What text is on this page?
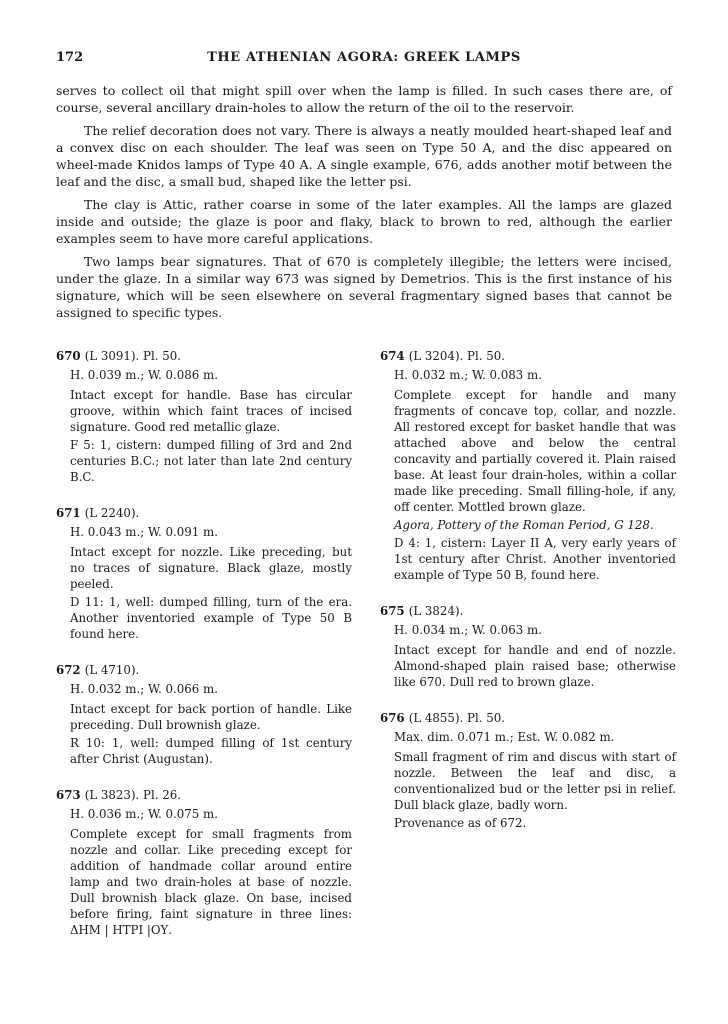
172	THE ATHENIAN AGORA: GREEK LAMPS

serves to collect oil that might spill over when the lamp is filled. In such cases there are, of course, several ancillary drain-holes to allow the return of the oil to the reservoir.

The relief decoration does not vary. There is always a neatly moulded heart-shaped leaf and a convex disc on each shoulder. The leaf was seen on Type 50 A, and the disc appeared on wheel-made Knidos lamps of Type 40 A. A single example, 676, adds another motif between the leaf and the disc, a small bud, shaped like the letter psi.

The clay is Attic, rather coarse in some of the later examples. All the lamps are glazed inside and outside; the glaze is poor and flaky, black to brown to red, although the earlier examples seem to have more careful applications.

Two lamps bear signatures. That of 670 is completely illegible; the letters were incised, under the glaze. In a similar way 673 was signed by Demetrios. This is the first instance of his signature, which will be seen elsewhere on several fragmentary signed bases that cannot be assigned to specific types.

670 (L 3091). Pl. 50.
H. 0.039 m.; W. 0.086 m.

Intact except for handle. Base has circular groove, within which faint traces of incised signature. Good red metallic glaze.

F 5: 1, cistern: dumped filling of 3rd and 2nd centuries B.C.; not later than late 2nd century B.C.

671 (L 2240).
H. 0.043 m.; W. 0.091 m.

Intact except for nozzle. Like preceding, but no traces of signature. Black glaze, mostly peeled.

D 11: 1, well: dumped filling, turn of the era. Another inventoried example of Type 50 B found here.

672 (L 4710).
H. 0.032 m.; W. 0.066 m.

Intact except for back portion of handle. Like preceding. Dull brownish glaze.

R 10: 1, well: dumped filling of 1st century after Christ (Augustan).

673 (L 3823). Pl. 26.
H. 0.036 m.; W. 0.075 m.

Complete except for small fragments from nozzle and collar. Like preceding except for addition of handmade collar around entire lamp and two drain-holes at base of nozzle. Dull brownish black glaze. On base, incised before firing, faint signature in three lines: ΔΗΜ | ΗΤΡΙ |ΟΥ.

674 (L 3204). Pl. 50.
H. 0.032 m.; W. 0.083 m.

Complete except for handle and many fragments of concave top, collar, and nozzle. All restored except for basket handle that was attached above and below the central concavity and partially covered it. Plain raised base. At least four drain-holes, within a collar made like preceding. Small filling-hole, if any, off center. Mottled brown glaze.

Agora, Pottery of the Roman Period, G 128.

D 4: 1, cistern: Layer II A, very early years of 1st century after Christ. Another inventoried example of Type 50 B, found here.

675 (L 3824).
H. 0.034 m.; W. 0.063 m.

Intact except for handle and end of nozzle. Almond-shaped plain raised base; otherwise like 670. Dull red to brown glaze.

676 (L 4855). Pl. 50.
Max. dim. 0.071 m.; Est. W. 0.082 m.

Small fragment of rim and discus with start of nozzle. Between the leaf and disc, a conventionalized bud or the letter psi in relief. Dull black glaze, badly worn.

Provenance as of 672.
